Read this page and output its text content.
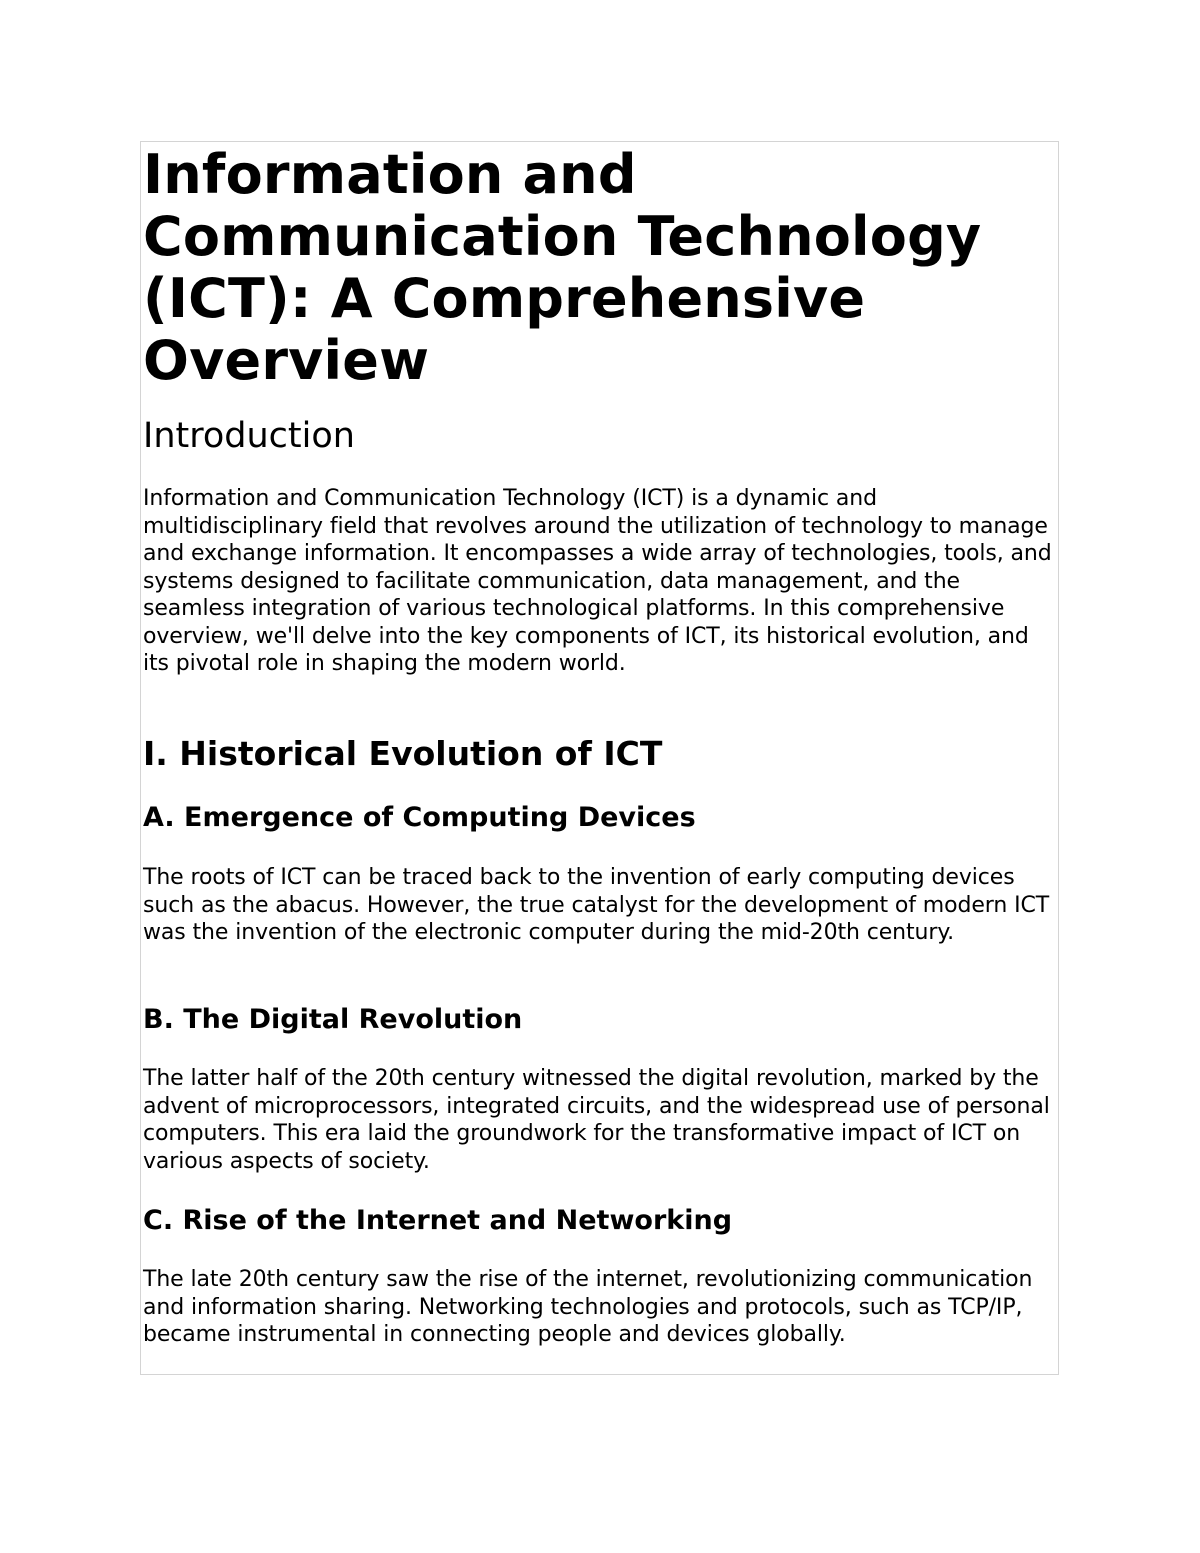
Information and Communication Technology (ICT): A Comprehensive Overview
Introduction

Information and Communication Technology (ICT) is a dynamic and multidisciplinary field that revolves around the utilization of technology to manage and exchange information. It encompasses a wide array of technologies, tools, and systems designed to facilitate communication, data management, and the seamless integration of various technological platforms. In this comprehensive overview, we'll delve into the key components of ICT, its historical evolution, and its pivotal role in shaping the modern world.

I. Historical Evolution of ICT
A. Emergence of Computing Devices

The roots of ICT can be traced back to the invention of early computing devices such as the abacus. However, the true catalyst for the development of modern ICT was the invention of the electronic computer during the mid-20th century.

B. The Digital Revolution

The latter half of the 20th century witnessed the digital revolution, marked by the advent of microprocessors, integrated circuits, and the widespread use of personal computers. This era laid the groundwork for the transformative impact of ICT on various aspects of society.

C. Rise of the Internet and Networking

The late 20th century saw the rise of the internet, revolutionizing communication and information sharing. Networking technologies and protocols, such as TCP/IP, became instrumental in connecting people and devices globally.
